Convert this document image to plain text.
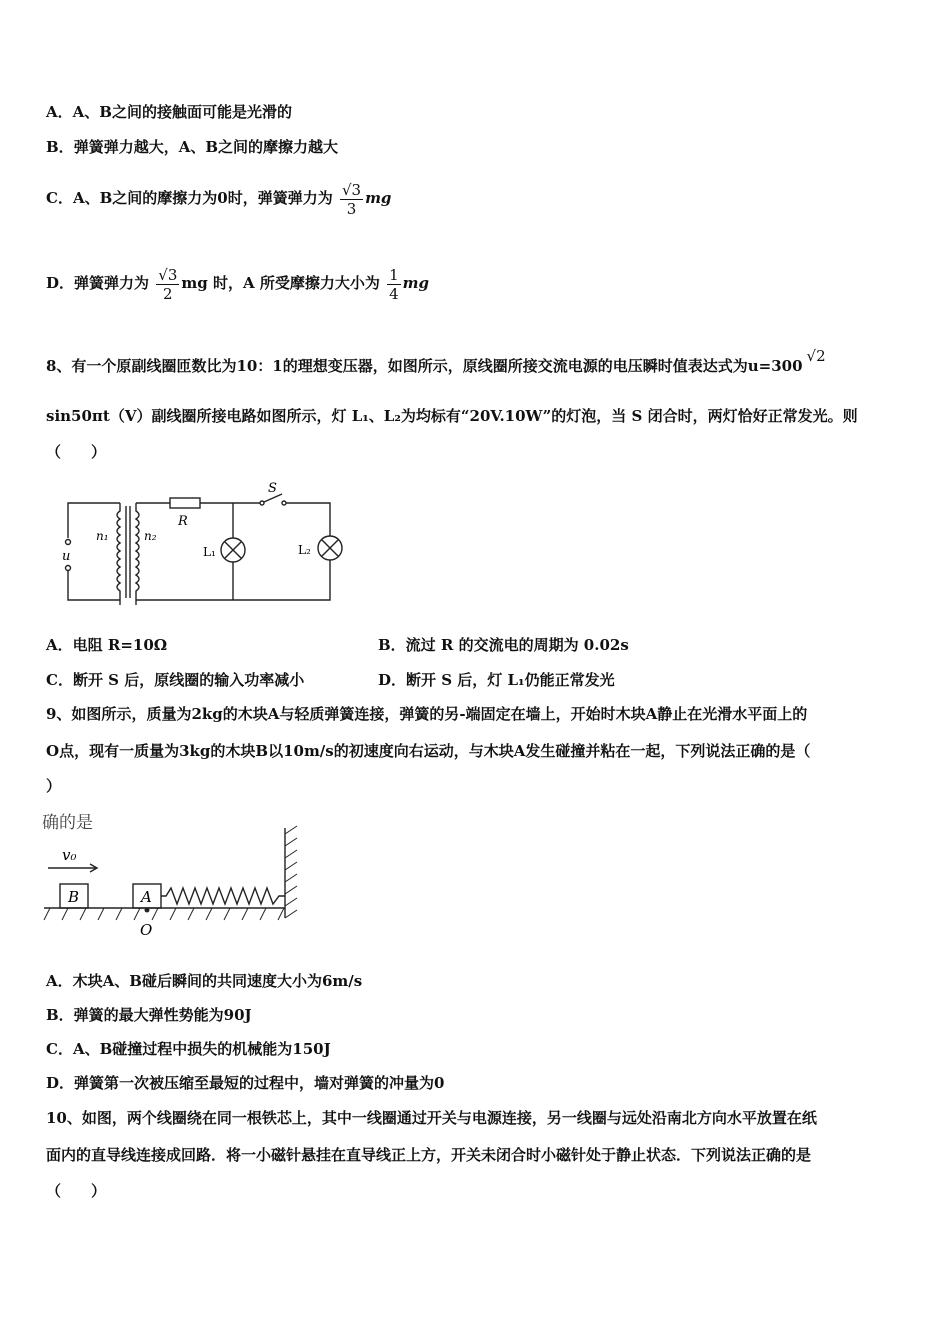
A．A、B之间的接触面可能是光滑的
B．弹簧弹力越大，A、B之间的摩擦力越大
C．A、B之间的摩擦力为0时，弹簧弹力为 $\frac{√3}{3}$ mg
D．弹簧弹力为 $\frac{√3}{2}$ mg 时，A 所受摩擦力大小为 $\frac{1}{4}$ mg
8、有一个原副线圈匝数比为10：1的理想变压器，如图所示，原线圈所接交流电源的电压瞬时值表达式为u=300√2
sin50πt（V）副线圈所接电路如图所示，灯 L₁、L₂为均标有“20V.10W”的灯泡，当 S 闭合时，两灯恰好正常发光。则
（　　）
u
n₁	n₂
R
S
L₁	L₂
A．电阻 R=10Ω	B．流过 R 的交流电的周期为 0.02s
C．断开 S 后，原线圈的输入功率减小	D．断开 S 后，灯 L₁仍能正常发光
9、如图所示，质量为2kg的木块A与轻质弹簧连接，弹簧的另-端固定在墙上，开始时木块A静止在光滑水平面上的
O点，现有一质量为3kg的木块B以10m/s的初速度向右运动，与木块A发生碰撞并粘在一起，下列说法正确的是（
）
确的是
v₀
B	A
O
A．木块A、B碰后瞬间的共同速度大小为6m/s
B．弹簧的最大弹性势能为90J
C．A、B碰撞过程中损失的机械能为150J
D．弹簧第一次被压缩至最短的过程中，墙对弹簧的冲量为0
10、如图，两个线圈绕在同一根铁芯上，其中一线圈通过开关与电源连接，另一线圈与远处沿南北方向水平放置在纸
面内的直导线连接成回路．将一小磁针悬挂在直导线正上方，开关未闭合时小磁针处于静止状态．下列说法正确的是
（　　）
